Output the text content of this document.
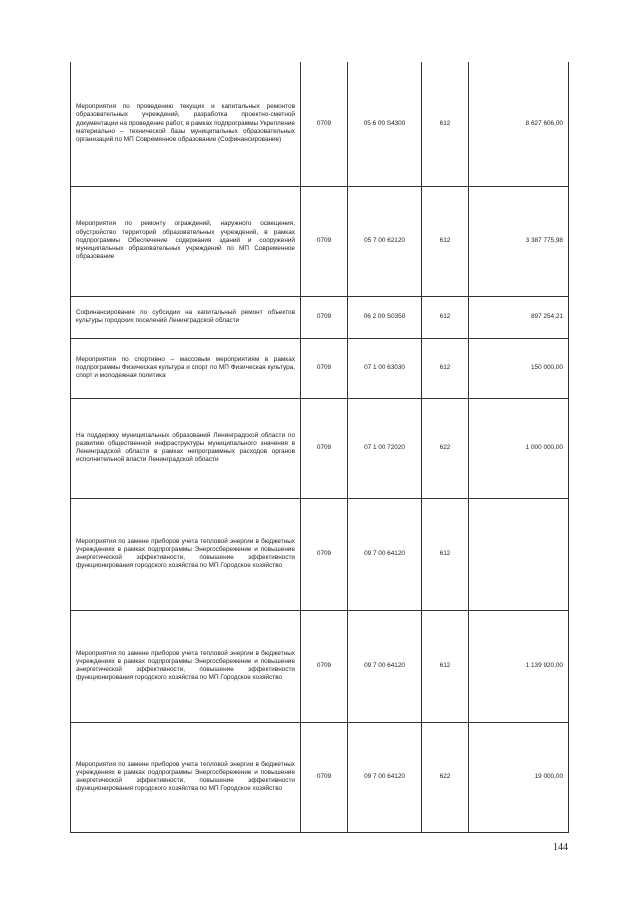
Мероприятия по проведению текущих и капитальных ремонтов образовательных учреждений, разработка проектно-сметной документации на проведение работ, в рамках подпрограммы Укрепление материально – технической базы муниципальных образовательных организаций по МП Современное образование (Софинансирование)	0709	05 6 00 S4300	612	8 627 606,00
Мероприятия по ремонту ограждений, наружного освещения, обустройство территорий образовательных учреждений, в рамках подпрограммы Обеспечение содержания зданий и сооружений муниципальных образовательных учреждений по МП Современное образование	0709	05 7 00 62120	612	3 387 775,98
Софинансирование по субсидии на капитальный ремонт объектов культуры городских поселений Ленинградской области	0709	06 2 00 S0350	612	897 254,21
Мероприятия по спортивно – массовым мероприятиям в рамках подпрограммы Физическая культура и спорт по МП Физическая культура, спорт и молодежная политика	0709	07 1 00 63030	612	150 000,00
На поддержку муниципальных образований Ленинградской области по развитию общественной инфраструктуры муниципального значения в Ленинградской области в рамках непрограммных расходов органов исполнительной власти Ленинградской области	0709	07 1 00 72020	622	1 000 000,00
Мероприятия по замене приборов учета тепловой энергии в бюджетных учреждениях в рамках подпрограммы Энергосбережение и повышение энергетической эффективности, повышение эффективности функционирования городского хозяйства по МП Городское хозяйство	0709	09 7 00 64120	612	
Мероприятия по замене приборов учета тепловой энергии в бюджетных учреждениях в рамках подпрограммы Энергосбережение и повышение энергетической эффективности, повышение эффективности функционирования городского хозяйства по МП Городское хозяйство	0709	09 7 00 64120	612	1 139 920,00
Мероприятия по замене приборов учета тепловой энергии в бюджетных учреждениях в рамках подпрограммы Энергосбережение и повышение энергетической эффективности, повышение эффективности функционирования городского хозяйства по МП Городское хозяйство	0709	09 7 00 64120	622	19 000,00
144
